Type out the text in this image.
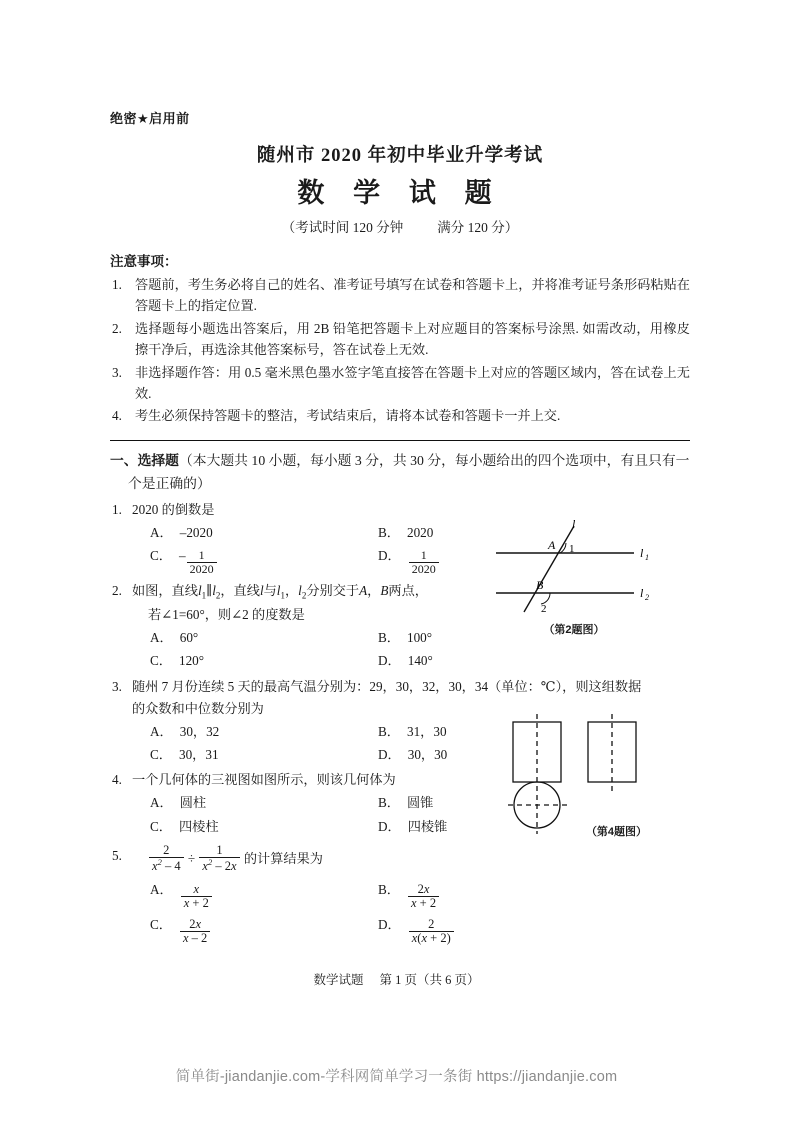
绝密★启用前
随州市 2020 年初中毕业升学考试
数 学 试 题
（考试时间 120 分钟	满分 120 分）
注意事项：
1. 答题前，考生务必将自己的姓名、准考证号填写在试卷和答题卡上，并将准考证号条形码粘贴在答题卡上的指定位置.
2. 选择题每小题选出答案后，用 2B 铅笔把答题卡上对应题目的答案标号涂黑. 如需改动，用橡皮擦干净后，再选涂其他答案标号，答在试卷上无效.
3. 非选择题作答：用 0.5 毫米黑色墨水签字笔直接答在答题卡上对应的答题区域内，答在试卷上无效.
4. 考生必须保持答题卡的整洁，考试结束后，请将本试卷和答题卡一并上交.
一、选择题（本大题共 10 小题，每小题 3 分，共 30 分，每小题给出的四个选项中，有且只有一
个是正确的）
1. 2020 的倒数是
A． –2020	B． 2020
C． – $\frac{1}{2020}$	D． $\frac{1}{2020}$
2. 如图，直线$l_1\parallel l_2$，直线l与$l_1$，$l_2$分别交于A，B两点，
若∠1=60°，则∠2 的度数是
A． 60°	B． 100°
C． 120°	D． 140°
3. 随州 7 月份连续 5 天的最高气温分别为：29，30，32，30，34（单位：℃），则这组数据
的众数和中位数分别为
A． 30，32	B． 31，30
C． 30，31	D． 30，30
4. 一个几何体的三视图如图所示，则该几何体为
A． 圆柱	B． 圆锥
C． 四棱柱	D． 四棱锥
5. $\frac{2}{x^2 - 4} \div \frac{1}{x^2 - 2x}$ 的计算结果为
A． $\frac{x}{x + 2}$	B． $\frac{2x}{x + 2}$
C． $\frac{2x}{x - 2}$	D． $\frac{2}{x(x + 2)}$
l
l 1
l 2
A
B
1
2
（第2题图）
（第4题图）
数学试题 第 1 页（共 6 页）
简单街-jiandanjie.com-学科网简单学习一条街 https://jiandanjie.com
